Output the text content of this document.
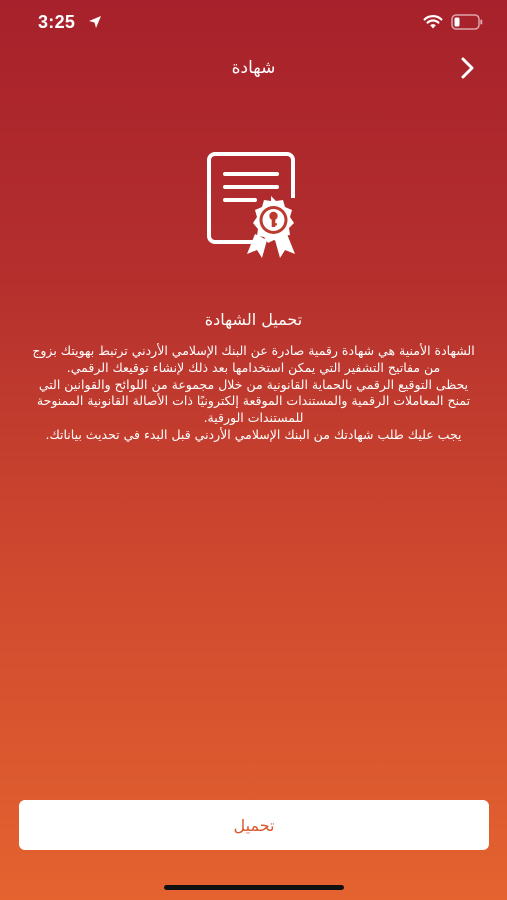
3:25
شهادة
تحميل الشهادة

الشهادة الأمنية هي شهادة رقمية صادرة عن البنك الإسلامي الأردني ترتبط بهويتك بزوج من مفاتيح التشفير التي يمكن استخدامها بعد ذلك لإنشاء توقيعك الرقمي.

يحظى التوقيع الرقمي بالحماية القانونية من خلال مجموعة من اللوائح والقوانين التي تمنح المعاملات الرقمية والمستندات الموقعة إلكترونيًا ذات الأصالة القانونية الممنوحة للمستندات الورقية.

يجب عليك طلب شهادتك من البنك الإسلامي الأردني قبل البدء في تحديث بياناتك.

تحميل
